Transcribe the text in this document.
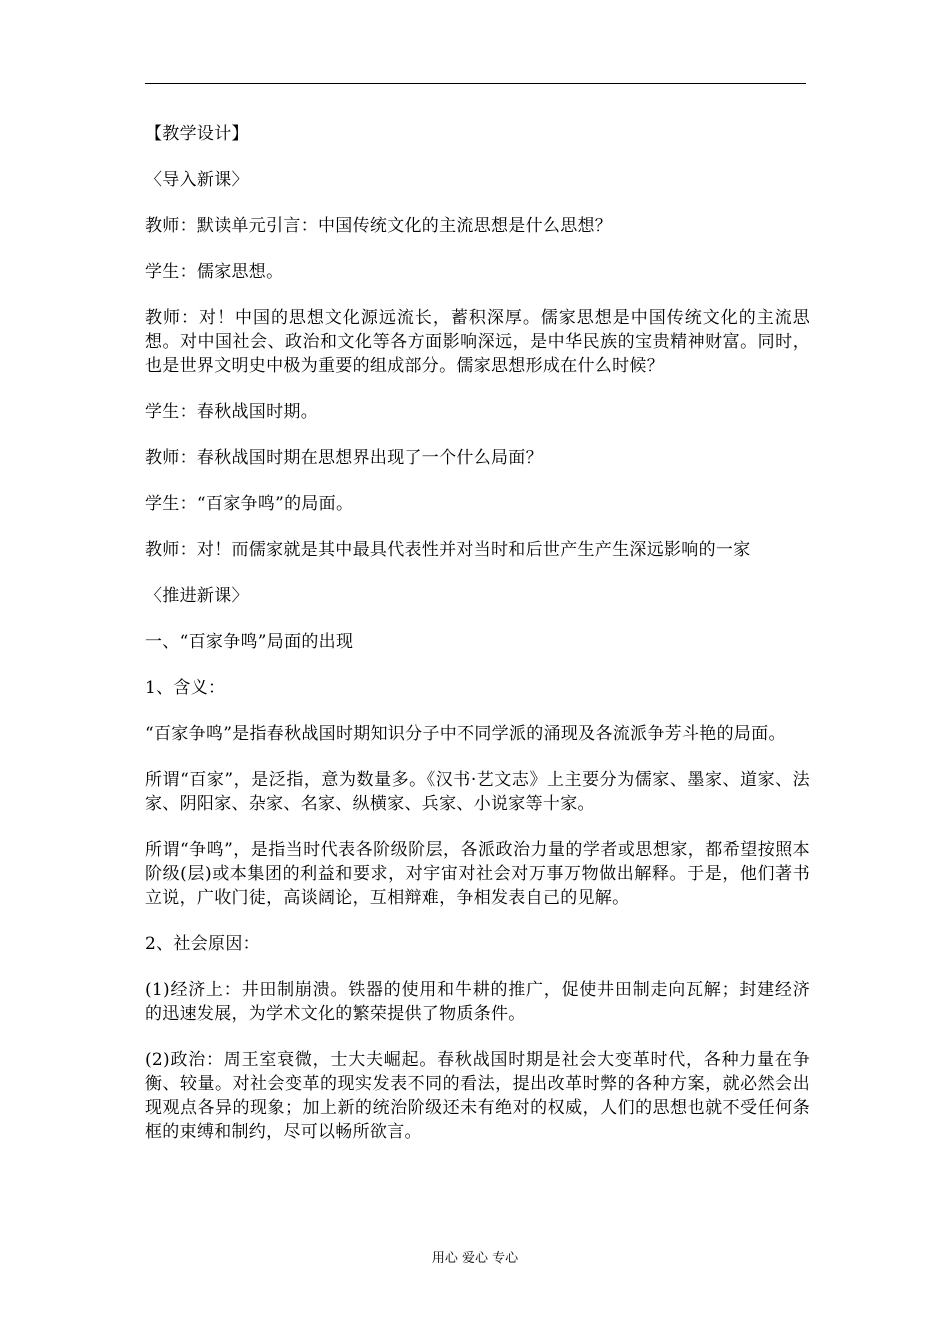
【教学设计】

〈导入新课〉

教师：默读单元引言：中国传统文化的主流思想是什么思想？

学生：儒家思想。

教师：对！中国的思想文化源远流长，蓄积深厚。儒家思想是中国传统文化的主流思想。对中国社会、政治和文化等各方面影响深远，是中华民族的宝贵精神财富。同时，也是世界文明史中极为重要的组成部分。儒家思想形成在什么时候？

学生：春秋战国时期。

教师：春秋战国时期在思想界出现了一个什么局面？

学生：“百家争鸣”的局面。

教师：对！而儒家就是其中最具代表性并对当时和后世产生产生深远影响的一家

〈推进新课〉

一、“百家争鸣”局面的出现

1、含义：

“百家争鸣”是指春秋战国时期知识分子中不同学派的涌现及各流派争芳斗艳的局面。

所谓“百家”，是泛指，意为数量多。《汉书·艺文志》上主要分为儒家、墨家、道家、法家、阴阳家、杂家、名家、纵横家、兵家、小说家等十家。

所谓“争鸣”，是指当时代表各阶级阶层，各派政治力量的学者或思想家，都希望按照本阶级(层)或本集团的利益和要求，对宇宙对社会对万事万物做出解释。于是，他们著书立说，广收门徒，高谈阔论，互相辩难，争相发表自己的见解。

2、社会原因：

(1)经济上：井田制崩溃。铁器的使用和牛耕的推广，促使井田制走向瓦解；封建经济的迅速发展，为学术文化的繁荣提供了物质条件。

(2)政治：周王室衰微，士大夫崛起。春秋战国时期是社会大变革时代，各种力量在争衡、较量。对社会变革的现实发表不同的看法，提出改革时弊的各种方案，就必然会出现观点各异的现象；加上新的统治阶级还未有绝对的权威，人们的思想也就不受任何条框的束缚和制约，尽可以畅所欲言。

用心 爱心 专心
